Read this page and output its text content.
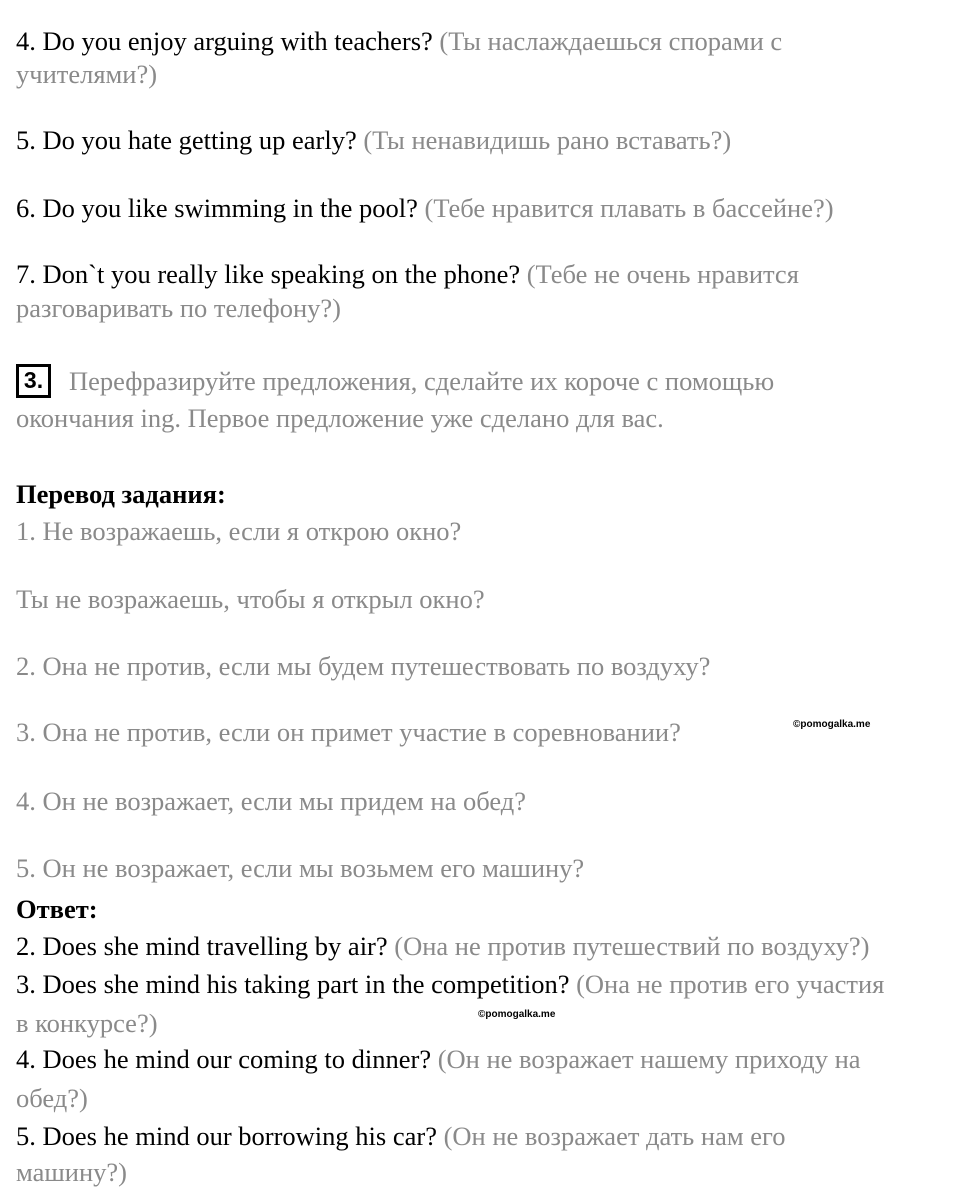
4. Do you enjoy arguing with teachers? (Ты наслаждаешься спорами с
учителями?)
5. Do you hate getting up early? (Ты ненавидишь рано вставать?)
6. Do you like swimming in the pool? (Тебе нравится плавать в бассейне?)
7. Don`t you really like speaking on the phone? (Тебе не очень нравится
разговаривать по телефону?)
3. Перефразируйте предложения, сделайте их короче с помощью
окончания ing. Первое предложение уже сделано для вас.
Перевод задания:
1. Не возражаешь, если я открою окно?
Ты не возражаешь, чтобы я открыл окно?
2. Она не против, если мы будем путешествовать по воздуху?
3. Она не против, если он примет участие в соревновании?
4. Он не возражает, если мы придем на обед?
5. Он не возражает, если мы возьмем его машину?
Ответ:
2. Does she mind travelling by air? (Она не против путешествий по воздуху?)
3. Does she mind his taking part in the competition? (Она не против его участия
в конкурсе?)
4. Does he mind our coming to dinner? (Он не возражает нашему приходу на
обед?)
5. Does he mind our borrowing his car? (Он не возражает дать нам его
машину?)
©pomogalka.me
©pomogalka.me
